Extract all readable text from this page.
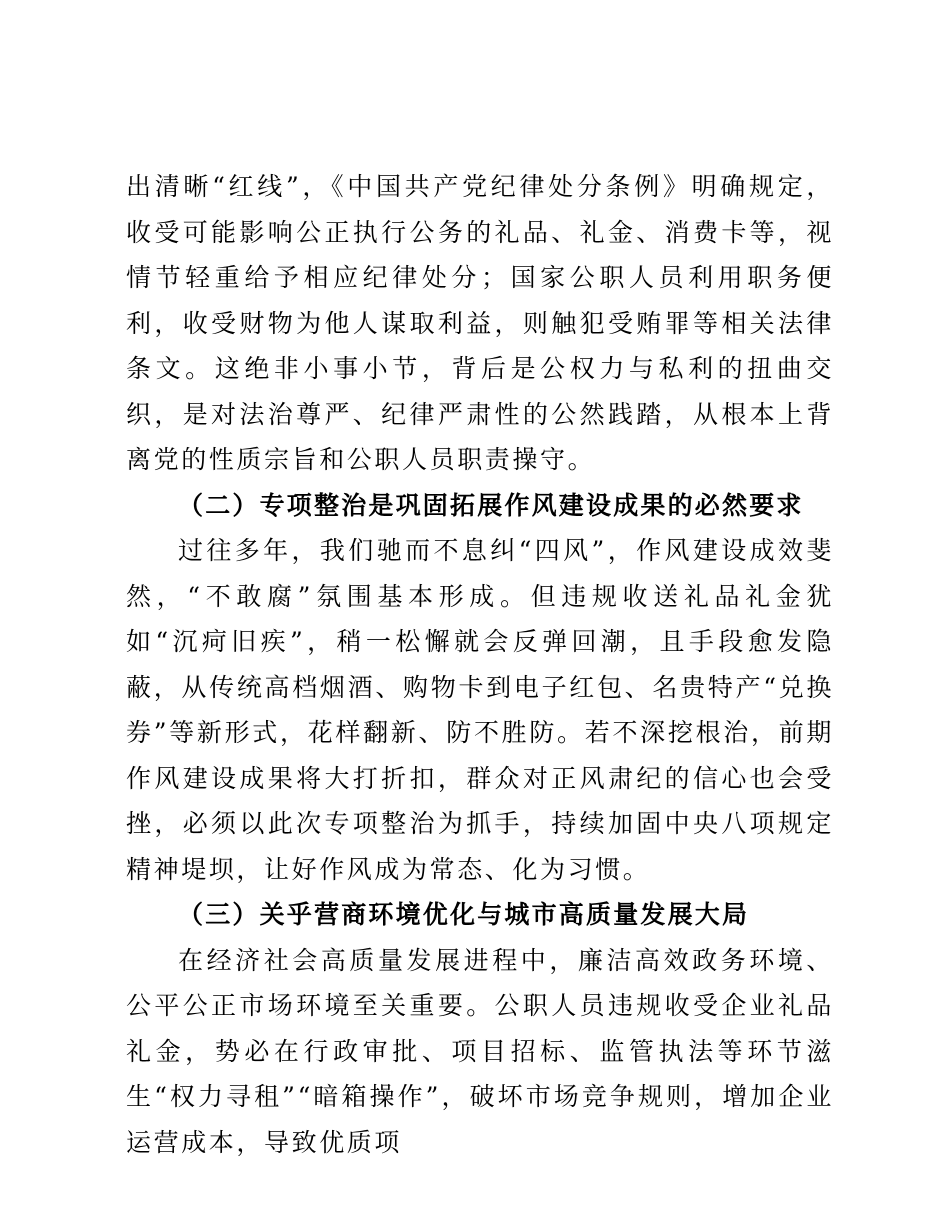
出清晰“红线”，《中国共产党纪律处分条例》明确规定，收受可能影响公正执行公务的礼品、礼金、消费卡等，视情节轻重给予相应纪律处分；国家公职人员利用职务便利，收受财物为他人谋取利益，则触犯受贿罪等相关法律条文。这绝非小事小节，背后是公权力与私利的扭曲交织，是对法治尊严、纪律严肃性的公然践踏，从根本上背离党的性质宗旨和公职人员职责操守。

（二）专项整治是巩固拓展作风建设成果的必然要求

过往多年，我们驰而不息纠“四风”，作风建设成效斐然，“不敢腐”氛围基本形成。但违规收送礼品礼金犹如“沉疴旧疾”，稍一松懈就会反弹回潮，且手段愈发隐蔽，从传统高档烟酒、购物卡到电子红包、名贵特产“兑换券”等新形式，花样翻新、防不胜防。若不深挖根治，前期作风建设成果将大打折扣，群众对正风肃纪的信心也会受挫，必须以此次专项整治为抓手，持续加固中央八项规定精神堤坝，让好作风成为常态、化为习惯。

（三）关乎营商环境优化与城市高质量发展大局

在经济社会高质量发展进程中，廉洁高效政务环境、公平公正市场环境至关重要。公职人员违规收受企业礼品礼金，势必在行政审批、项目招标、监管执法等环节滋生“权力寻租”“暗箱操作”，破坏市场竞争规则，增加企业运营成本，导致优质项
